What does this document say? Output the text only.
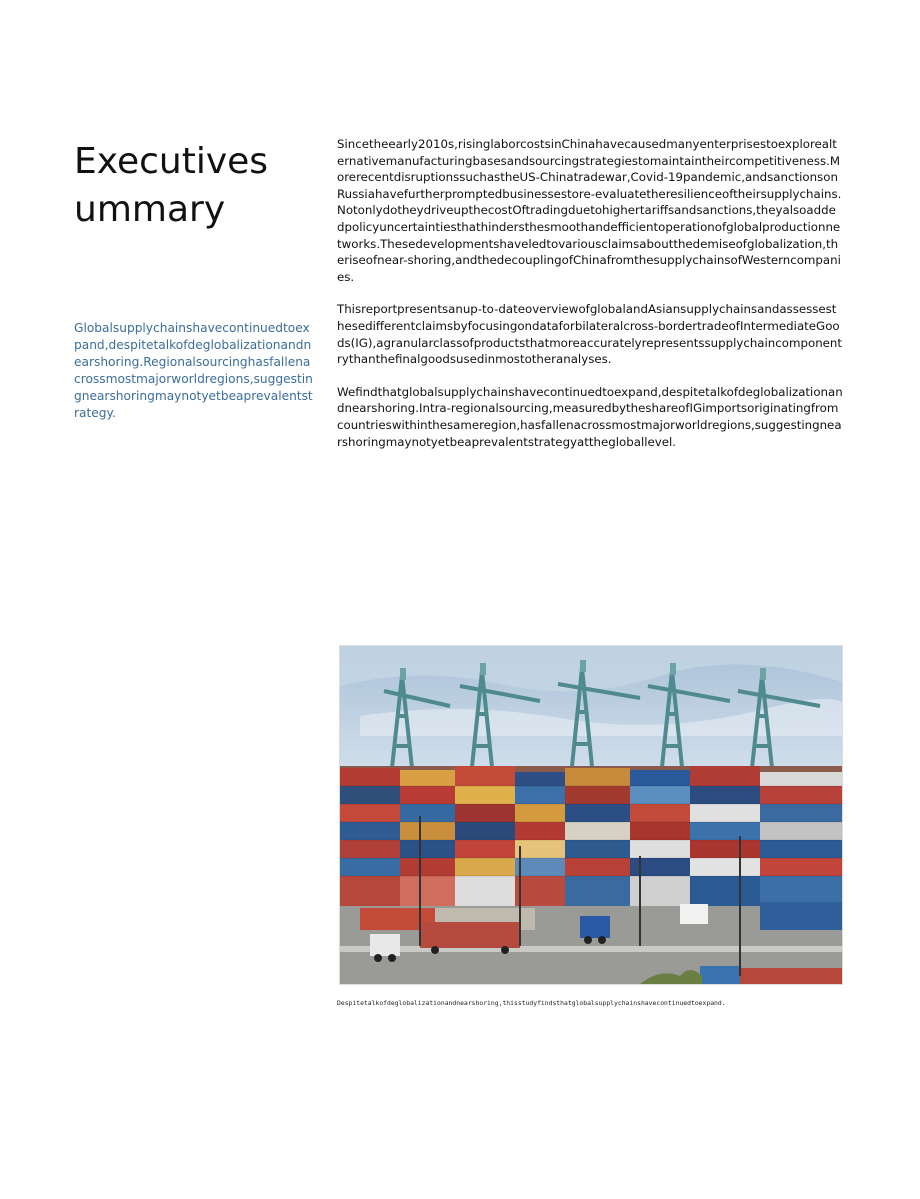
Executives
ummary

Globalsupplychainshavecontinuedtoexpand,despitetalkofdeglobalizationandnearshoring.Regionalsourcinghasfallenacrossmostmajorworldregions,suggestingnearshoringmaynotyetbeaprevalentstrategy.

Sincetheearly2010s,risinglaborcostsinChinahavecausedmanyenterprisestoexplorealternativemanufacturingbasesandsourcingstrategiestomaintaintheircompetitiveness.MorerecentdisruptionssuchastheUS-Chinatradewar,Covid-19pandemic,andsanctionsonRussiahavefurtherpromptedbusinessestore-evaluatetheresilienceoftheirsupplychains.NotonlydotheydriveupthecostOftradingduetohighertariffsandsanctions,theyalsoaddedpolicyuncertaintiesthathindersthesmoothandefficientoperationofglobalproductionnetworks.Thesedevelopmentshaveledtovariousclaimsaboutthedemiseofglobalization,theriseofnear-shoring,andthedecouplingofChinafromthesupplychainsofWesterncompanies.

Thisreportpresentsanup-to-dateoverviewofglobalandAsiansupplychainsandassessesthesedifferentclaimsbyfocusingondataforbilateralcross-bordertradeofIntermediateGoods(IG),agranularclassofproductsthatmoreaccuratelyrepresentssupplychaincomponentrythanthefinalgoodsusedinmostotheranalyses.

Wefindthatglobalsupplychainshavecontinuedtoexpand,despitetalkofdeglobalizationandnearshoring.Intra-regionalsourcing,measuredbytheshareofIGimportsoriginatingfromcountrieswithinthesameregion,hasfallenacrossmostmajorworldregions,suggestingnearshoringmaynotyetbeaprevalentstrategyatthegloballevel.

Despitetalkofdeglobalizationandnearshoring,thisstudyfindsthatglobalsupplychainshavecontinuedtoexpand.
